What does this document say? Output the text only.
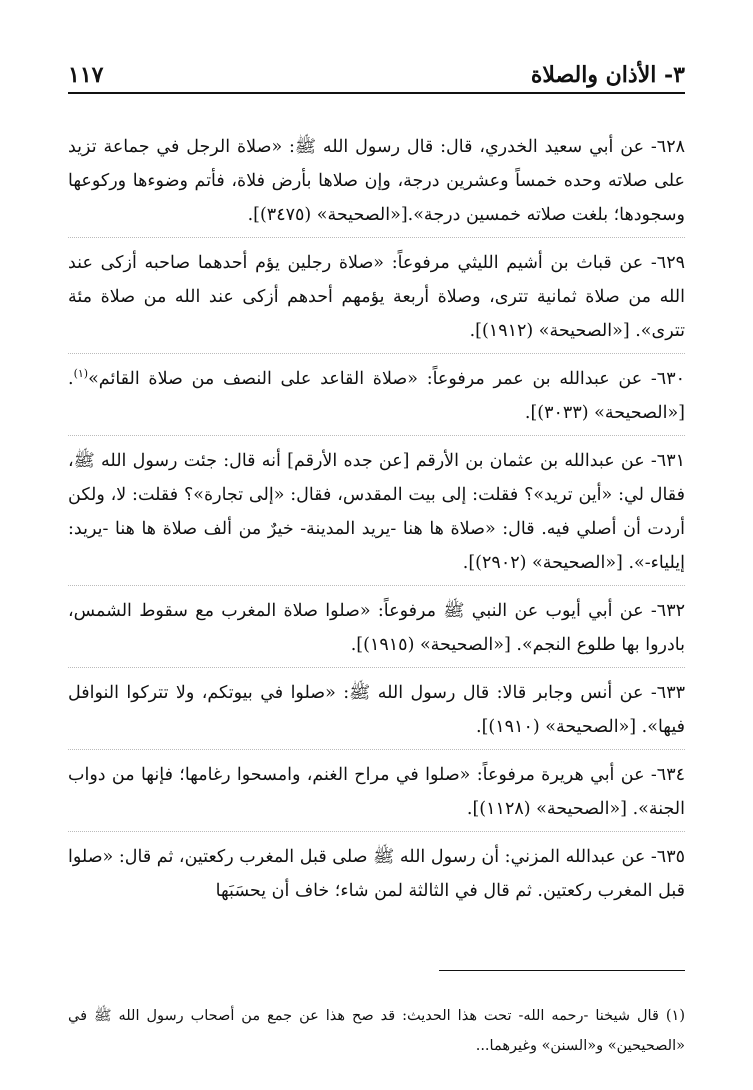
٣- الأذان والصلاة
١١٧

٦٢٨- عن أبي سعيد الخدري، قال: قال رسول الله ﷺ: «صلاة الرجل في جماعة تزيد على صلاته وحده خمساً وعشرين درجة، وإن صلاها بأرض فلاة، فأتم وضوءها وركوعها وسجودها؛ بلغت صلاته خمسين درجة».[«الصحيحة» (٣٤٧٥)].

٦٢٩- عن قباث بن أشيم الليثي مرفوعاً: «صلاة رجلين يؤم أحدهما صاحبه أزكى عند الله من صلاة ثمانية تترى، وصلاة أربعة يؤمهم أحدهم أزكى عند الله من صلاة مئة تترى». [«الصحيحة» (١٩١٢)].

٦٣٠- عن عبدالله بن عمر مرفوعاً: «صلاة القاعد على النصف من صلاة القائم»$^{(١)}$. [«الصحيحة» (٣٠٣٣)].

٦٣١- عن عبدالله بن عثمان بن الأرقم [عن جده الأرقم] أنه قال: جئت رسول الله ﷺ، فقال لي: «أين تريد»؟ فقلت: إلى بيت المقدس، فقال: «إلى تجارة»؟ فقلت: لا، ولكن أردت أن أصلي فيه. قال: «صلاة ها هنا -يريد المدينة- خيرٌ من ألف صلاة ها هنا -يريد: إيلياء-». [«الصحيحة» (٢٩٠٢)].

٦٣٢- عن أبي أيوب عن النبي ﷺ مرفوعاً: «صلوا صلاة المغرب مع سقوط الشمس، بادروا بها طلوع النجم». [«الصحيحة» (١٩١٥)].

٦٣٣- عن أنس وجابر قالا: قال رسول الله ﷺ: «صلوا في بيوتكم، ولا تتركوا النوافل فيها». [«الصحيحة» (١٩١٠)].

٦٣٤- عن أبي هريرة مرفوعاً: «صلوا في مراح الغنم، وامسحوا رغامها؛ فإنها من دواب الجنة». [«الصحيحة» (١١٢٨)].

٦٣٥- عن عبدالله المزني: أن رسول الله ﷺ صلى قبل المغرب ركعتين، ثم قال: «صلوا قبل المغرب ركعتين. ثم قال في الثالثة لمن شاء؛ خاف أن يحسَبَها

(١) قال شيخنا -رحمه الله- تحت هذا الحديث: قد صح هذا عن جمع من أصحاب رسول الله ﷺ في «الصحيحين» و«السنن» وغيرهما...
